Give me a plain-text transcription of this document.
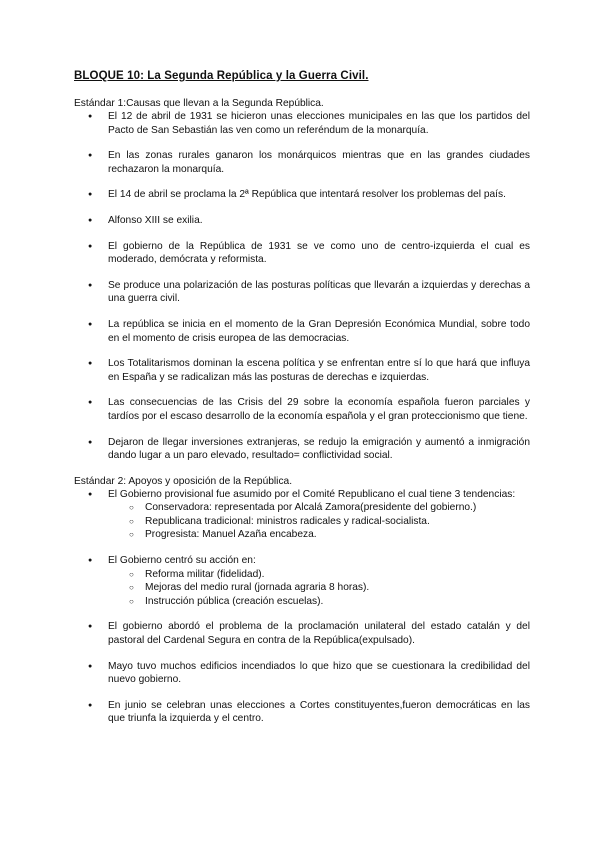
BLOQUE 10: La Segunda República y la Guerra Civil.

Estándar 1:Causas que llevan a la Segunda República.

● El 12 de abril de 1931 se hicieron unas elecciones municipales en las que los partidos del Pacto de San Sebastián las ven como un referéndum de la monarquía.
● En las zonas rurales ganaron los monárquicos mientras que en las grandes ciudades rechazaron la monarquía.
● El 14 de abril se proclama la 2ª República que intentará resolver los problemas del país.
● Alfonso XIII se exilia.
● El gobierno de la República de 1931 se ve como uno de centro-izquierda el cual es moderado, demócrata y reformista.
● Se produce una polarización de las posturas políticas que llevarán a izquierdas y derechas a una guerra civil.
● La república se inicia en el momento de la Gran Depresión Económica Mundial, sobre todo en el momento de crisis europea de las democracias.
● Los Totalitarismos dominan la escena política y se enfrentan entre sí lo que hará que influya en España y se radicalizan más las posturas de derechas e izquierdas.
● Las consecuencias de las Crisis del 29 sobre la economía española fueron parciales y tardíos por el escaso desarrollo de la economía española y el gran proteccionismo que tiene.
● Dejaron de llegar inversiones extranjeras, se redujo la emigración y aumentó a inmigración dando lugar a un paro elevado, resultado= conflictividad social.

Estándar 2: Apoyos y oposición de la República.

● El Gobierno provisional fue asumido por el Comité Republicano el cual tiene 3 tendencias:
○ Conservadora: representada por Alcalá Zamora(presidente del gobierno.)
○ Republicana tradicional: ministros radicales y radical-socialista.
○ Progresista: Manuel Azaña encabeza.
● El Gobierno centró su acción en:
○ Reforma militar (fidelidad).
○ Mejoras del medio rural (jornada agraria 8 horas).
○ Instrucción pública (creación escuelas).
● El gobierno abordó el problema de la proclamación unilateral del estado catalán y del pastoral del Cardenal Segura en contra de la República(expulsado).
● Mayo tuvo muchos edificios incendiados lo que hizo que se cuestionara la credibilidad del nuevo gobierno.
● En junio se celebran unas elecciones a Cortes constituyentes,fueron democráticas en las que triunfa la izquierda y el centro.
